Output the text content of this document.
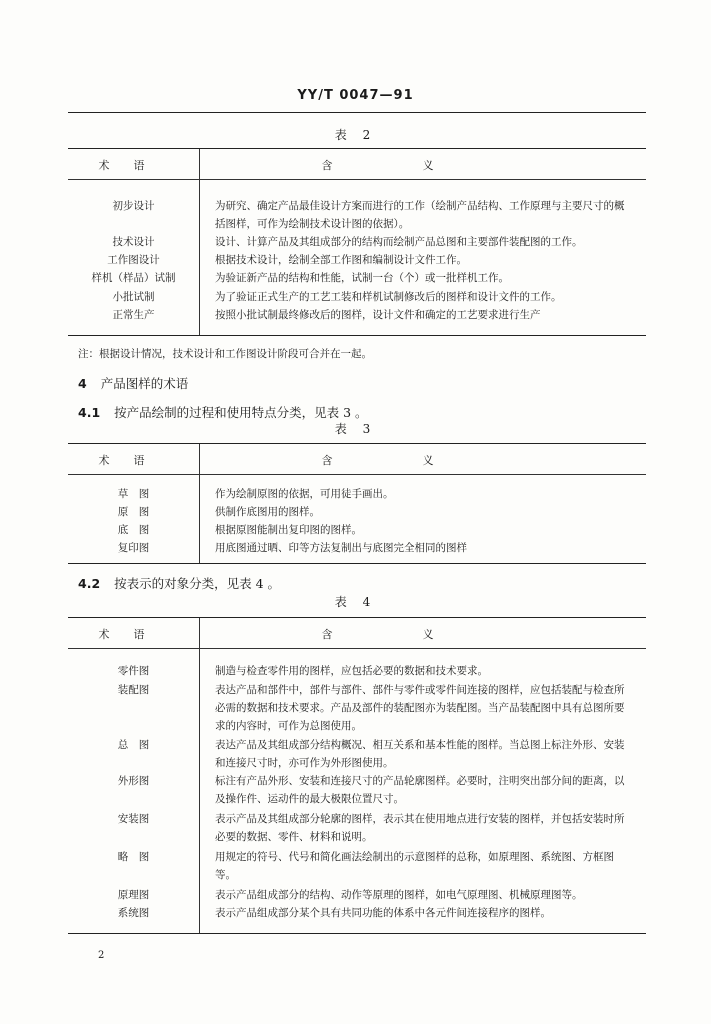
YY/T 0047—91
表 2
术语	含义
初步设计	为研究、确定产品最佳设计方案而进行的工作（绘制产品结构、工作原理与主要尺寸的概括图样，可作为绘制技术设计图的依据）。
技术设计	设计、计算产品及其组成部分的结构而绘制产品总图和主要部件装配图的工作。
工作图设计	根据技术设计，绘制全部工作图和编制设计文件工作。
样机（样品）试制	为验证新产品的结构和性能，试制一台（个）或一批样机工作。
小批试制	为了验证正式生产的工艺工装和样机试制修改后的图样和设计文件的工作。
正常生产	按照小批试制最终修改后的图样，设计文件和确定的工艺要求进行生产
注：根据设计情况，技术设计和工作图设计阶段可合并在一起。
4 产品图样的术语
4.1 按产品绘制的过程和使用特点分类，见表 3 。
表 3
术语	含义
草　图	作为绘制原图的依据，可用徒手画出。
原　图	供制作底图用的图样。
底　图	根据原图能制出复印图的图样。
复印图	用底图通过晒、印等方法复制出与底图完全相同的图样
4.2 按表示的对象分类，见表 4 。
表 4
术语	含义
零件图	制造与检查零件用的图样，应包括必要的数据和技术要求。
装配图	表达产品和部件中，部件与部件、部件与零件或零件间连接的图样，应包括装配与检查所必需的数据和技术要求。产品及部件的装配图亦为装配图。当产品装配图中具有总图所要求的内容时，可作为总图使用。
总　图	表达产品及其组成部分结构概况、相互关系和基本性能的图样。当总图上标注外形、安装和连接尺寸时，亦可作为外形图使用。
外形图	标注有产品外形、安装和连接尺寸的产品轮廓图样。必要时，注明突出部分间的距离，以及操作件、运动件的最大极限位置尺寸。
安装图	表示产品及其组成部分轮廓的图样，表示其在使用地点进行安装的图样，并包括安装时所必要的数据、零件、材料和说明。
略　图	用规定的符号、代号和简化画法绘制出的示意图样的总称，如原理图、系统图、方框图等。
原理图	表示产品组成部分的结构、动作等原理的图样，如电气原理图、机械原理图等。
系统图	表示产品组成部分某个具有共同功能的体系中各元件间连接程序的图样。
2
